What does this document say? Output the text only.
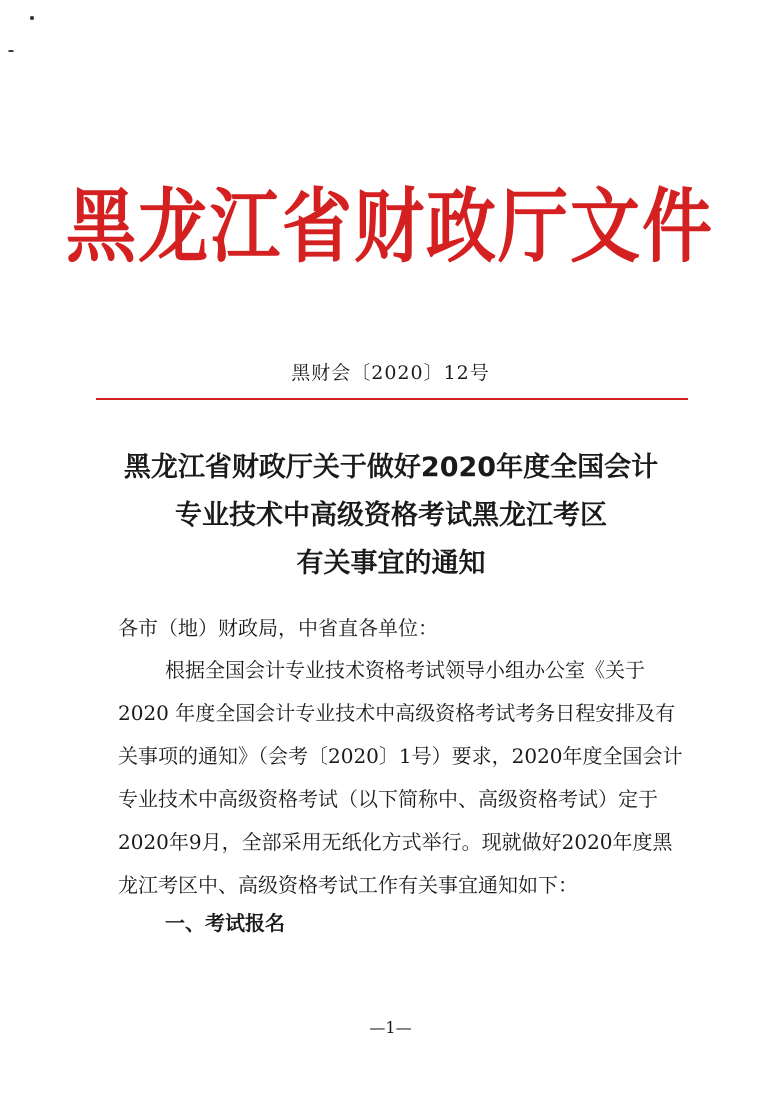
黑龙江省财政厅文件
黑财会〔2020〕12号
黑龙江省财政厅关于做好2020年度全国会计
专业技术中高级资格考试黑龙江考区
有关事宜的通知
各市（地）财政局，中省直各单位：
根据全国会计专业技术资格考试领导小组办公室《关于
2020 年度全国会计专业技术中高级资格考试考务日程安排及有
关事项的通知》（会考〔2020〕1号）要求，2020年度全国会计
专业技术中高级资格考试（以下简称中、高级资格考试）定于
2020年9月，全部采用无纸化方式举行。现就做好2020年度黑
龙江考区中、高级资格考试工作有关事宜通知如下：
一、考试报名
—1—
